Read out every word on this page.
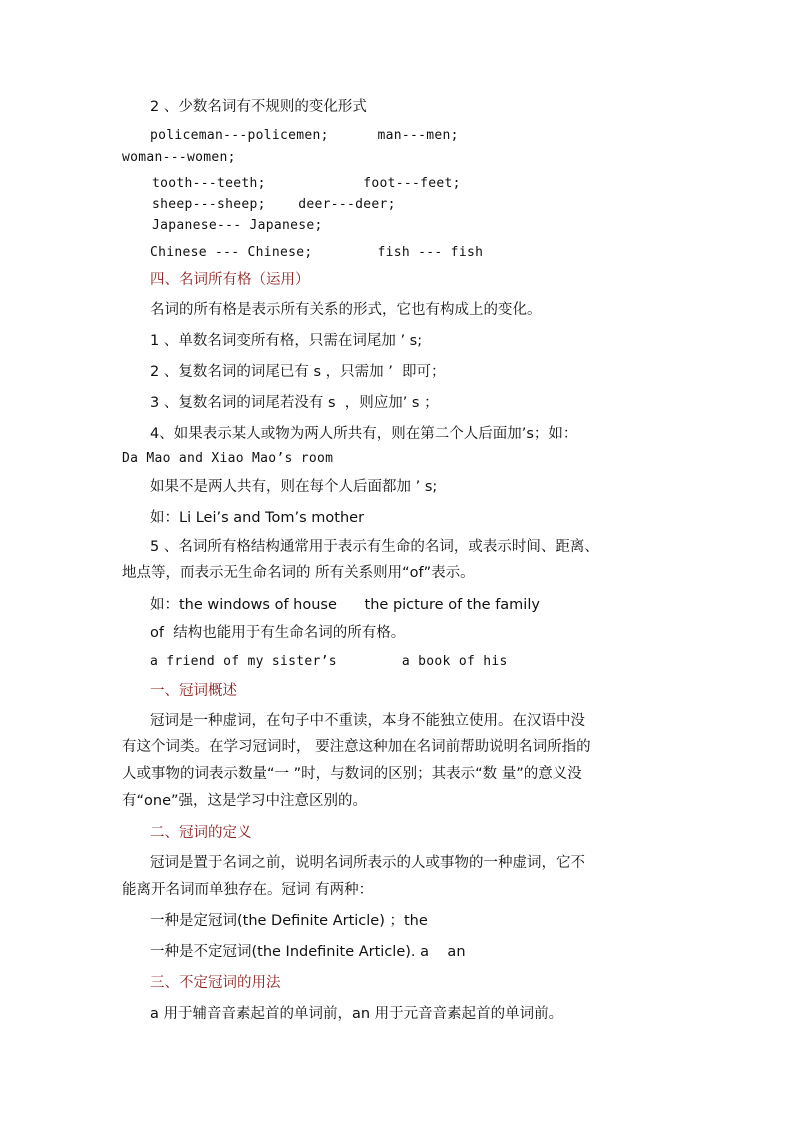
2 、少数名词有不规则的变化形式
policeman---policemen;      man---men;
woman---women;
tooth---teeth;            foot---feet;
sheep---sheep;    deer---deer;
Japanese--- Japanese;
Chinese --- Chinese;        fish --- fish
四、名词所有格（运用）
名词的所有格是表示所有关系的形式，它也有构成上的变化。
1 、单数名词变所有格，只需在词尾加 ’ s;
2 、复数名词的词尾已有 s ，只需加 ’  即可；
3 、复数名词的词尾若没有 s  ，则应加’ s ；
4、如果表示某人或物为两人所共有，则在第二个人后面加’s；如：
Da Mao and Xiao Mao’s room
如果不是两人共有，则在每个人后面都加 ’ s;
如：Li Lei’s and Tom’s mother
5 、名词所有格结构通常用于表示有生命的名词，或表示时间、距离、
地点等，而表示无生命名词的 所有关系则用“of”表示。
如：the windows of house      the picture of the family
of  结构也能用于有生命名词的所有格。
a friend of my sister’s        a book of his
一、冠词概述
冠词是一种虚词，在句子中不重读，本身不能独立使用。在汉语中没
有这个词类。在学习冠词时， 要注意这种加在名词前帮助说明名词所指的
人或事物的词表示数量“一 ”时，与数词的区别；其表示“数 量”的意义没
有“one”强，这是学习中注意区别的。
二、冠词的定义
冠词是置于名词之前，说明名词所表示的人或事物的一种虚词，它不
能离开名词而单独存在。冠词 有两种：
一种是定冠词(the Definite Article) ；the
一种是不定冠词(the Indefinite Article). a    an
三、不定冠词的用法
a 用于辅音音素起首的单词前，an 用于元音音素起首的单词前。
